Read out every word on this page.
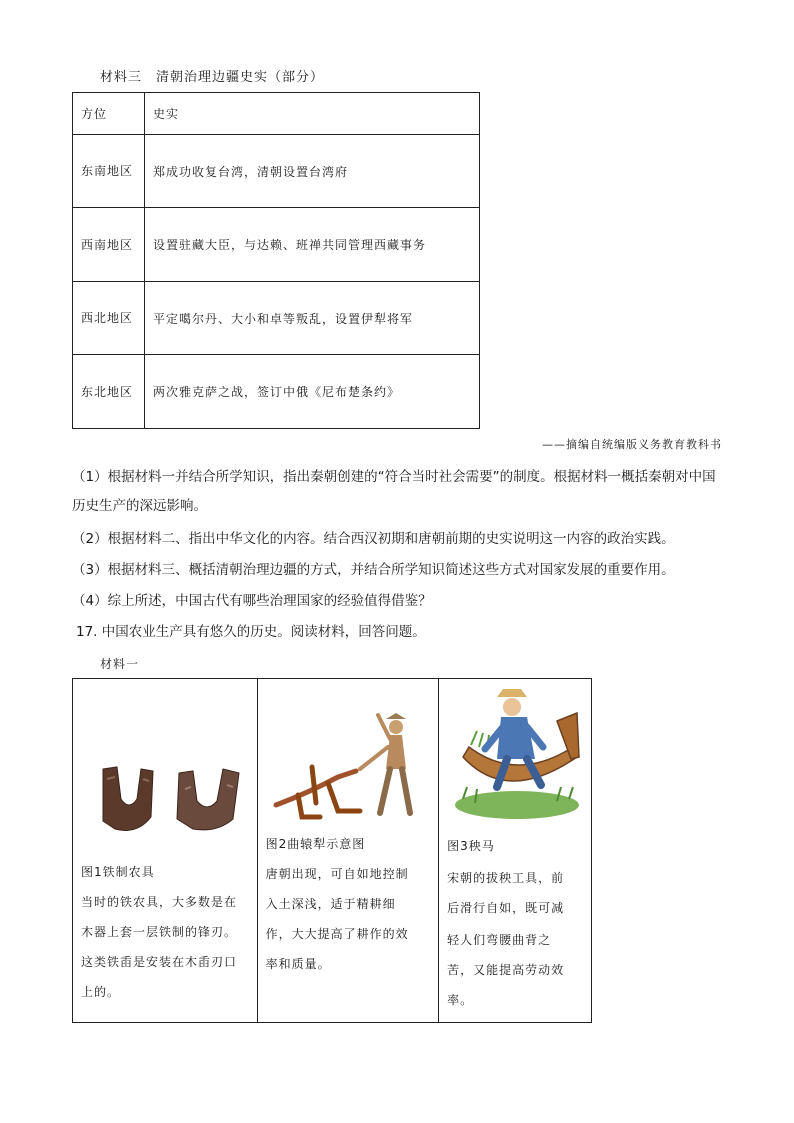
材料三　清朝治理边疆史实（部分）
方位	史实
东南地区	郑成功收复台湾，清朝设置台湾府
西南地区	设置驻藏大臣，与达赖、班禅共同管理西藏事务
西北地区	平定噶尔丹、大小和卓等叛乱，设置伊犁将军
东北地区	两次雅克萨之战，签订中俄《尼布楚条约》
——摘编自统编版义务教育教科书
（1）根据材料一并结合所学知识，指出秦朝创建的“符合当时社会需要”的制度。根据材料一概括秦朝对中国历史生产的深远影响。
（2）根据材料二、指出中华文化的内容。结合西汉初期和唐朝前期的史实说明这一内容的政治实践。
（3）根据材料三、概括清朝治理边疆的方式，并结合所学知识简述这些方式对国家发展的重要作用。
（4）综上所述，中国古代有哪些治理国家的经验值得借鉴？
17. 中国农业生产具有悠久的历史。阅读材料，回答问题。
材料一
图1铁制农具
当时的铁农具，大多数是在
木器上套一层铁制的锋刃。
这类铁臿是安装在木臿刃口
上的。

图2曲辕犁示意图
唐朝出现，可自如地控制
入土深浅，适于精耕细
作，大大提高了耕作的效
率和质量。

图3秧马
宋朝的拔秧工具，前
后滑行自如，既可减
轻人们弯腰曲背之
苦，又能提高劳动效
率。
